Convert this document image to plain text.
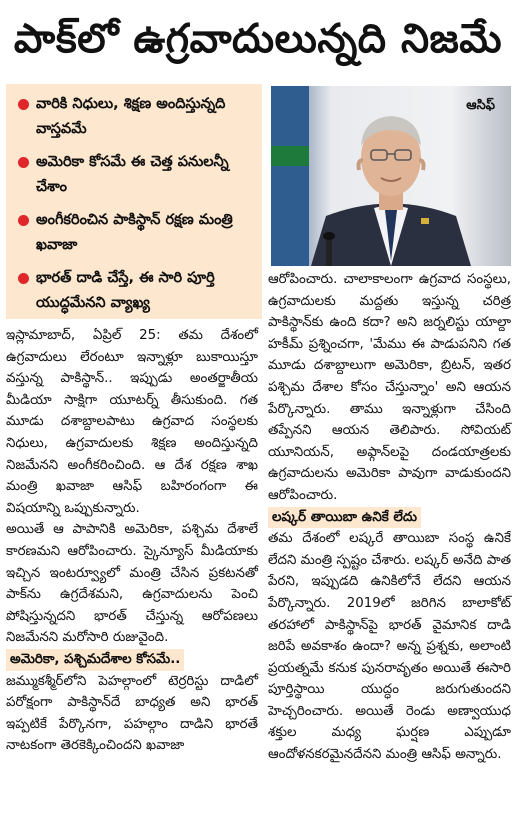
పాక్‌లో ఉగ్రవాదులున్నది నిజమే
వారికి నిధులు, శిక్షణ అందిస్తున్నది వాస్తవమే
అమెరికా కోసమే ఈ చెత్త పనులన్నీ చేశాం
అంగీకరించిన పాకిస్థాన్‌ రక్షణ మంత్రి ఖవాజా
భారత్‌ దాడి చేస్తే, ఈ సారి పూర్తి యుద్ధమేనని వ్యాఖ్య
ఆసిఫ్‌

ఇస్లామాబాద్‌, ఏప్రిల్‌ 25: తమ దేశంలో ఉగ్రవాదులు లేరంటూ ఇన్నాళ్లూ బుకాయిస్తూ వస్తున్న పాకిస్థాన్‌.. ఇప్పుడు అంతర్జాతీయ మీడియా సాక్షిగా యూటర్న్‌ తీసుకుంది. గత మూడు దశాబ్దాలపాటు ఉగ్రవాద సంస్థలకు నిధులు, ఉగ్రవాదులకు శిక్షణ అందిస్తున్నది నిజమేనని అంగీకరించింది. ఆ దేశ రక్షణ శాఖ మంత్రి ఖవాజా ఆసిఫ్‌ బహిరంగంగా ఈ విషయాన్ని ఒప్పుకున్నారు.

అయితే ఆ పాపానికి అమెరికా, పశ్చిమ దేశాలే కారణమని ఆరోపించారు. స్కైన్యూస్‌ మీడియాకు ఇచ్చిన ఇంటర్వ్యూలో మంత్రి చేసిన ప్రకటనతో పాక్‌ను ఉగ్రదేశమని, ఉగ్రవాదులను పెంచి పోషిస్తున్నదని భారత్‌ చేస్తున్న ఆరోపణలు నిజమేనని మరోసారి రుజువైంది.

అమెరికా, పశ్చిమదేశాల కోసమే..

జమ్ముకశ్మీర్‌లోని పెహల్గాంలో టెర్రరిస్టు దాడిలో పరోక్షంగా పాకిస్థాన్‌దే బాధ్యత అని భారత్‌ ఇప్పటికే పేర్కొనగా, పహల్గాం దాడిని భారతే నాటకంగా తెరకెక్కించిందని ఖవాజా

ఆరోపించారు. చాలాకాలంగా ఉగ్రవాద సంస్థలు, ఉగ్రవాదులకు మద్దతు ఇస్తున్న చరిత్ర పాకిస్థాన్‌కు ఉంది కదా? అని జర్నలిస్టు యాల్దా హకీమ్‌ ప్రశ్నించగా, 'మేము ఈ పాడుపనిని గత మూడు దశాబ్దాలుగా అమెరికా, బ్రిటన్‌, ఇతర పశ్చిమ దేశాల కోసం చేస్తున్నాం' అని ఆయన పేర్కొన్నారు. తాము ఇన్నాళ్లుగా చేసింది తప్పేనని ఆయన తెలిపారు. సోవియట్‌ యూనియన్‌, అఫ్గాన్‌లపై దండయాత్రలకు ఉగ్రవాదులను అమెరికా పావుగా వాడుకుందని ఆరోపించారు.

లష్కర్‌ తాయిబా ఉనికే లేదు

తమ దేశంలో లష్కరే తాయిబా సంస్థ ఉనికే లేదని మంత్రి స్పష్టం చేశారు. లష్కర్‌ అనేది పాత పేరని, ఇప్పుడది ఉనికిలోనే లేదని ఆయన పేర్కొన్నారు. 2019లో జరిగిన బాలాకోట్‌ తరహాలో పాకిస్థాన్‌పై భారత్‌ వైమానిక దాడి జరిపే అవకాశం ఉందా? అన్న ప్రశ్నకు, అలాంటి ప్రయత్నమే కనుక పునరావృతం అయితే ఈసారి పూర్తిస్థాయి యుద్ధం జరుగుతుందని హెచ్చరించారు. అయితే రెండు అణ్వాయుధ శక్తుల మధ్య ఘర్షణ ఎప్పుడూ ఆందోళనకరమైనదేనని మంత్రి ఆసిఫ్‌ అన్నారు.
